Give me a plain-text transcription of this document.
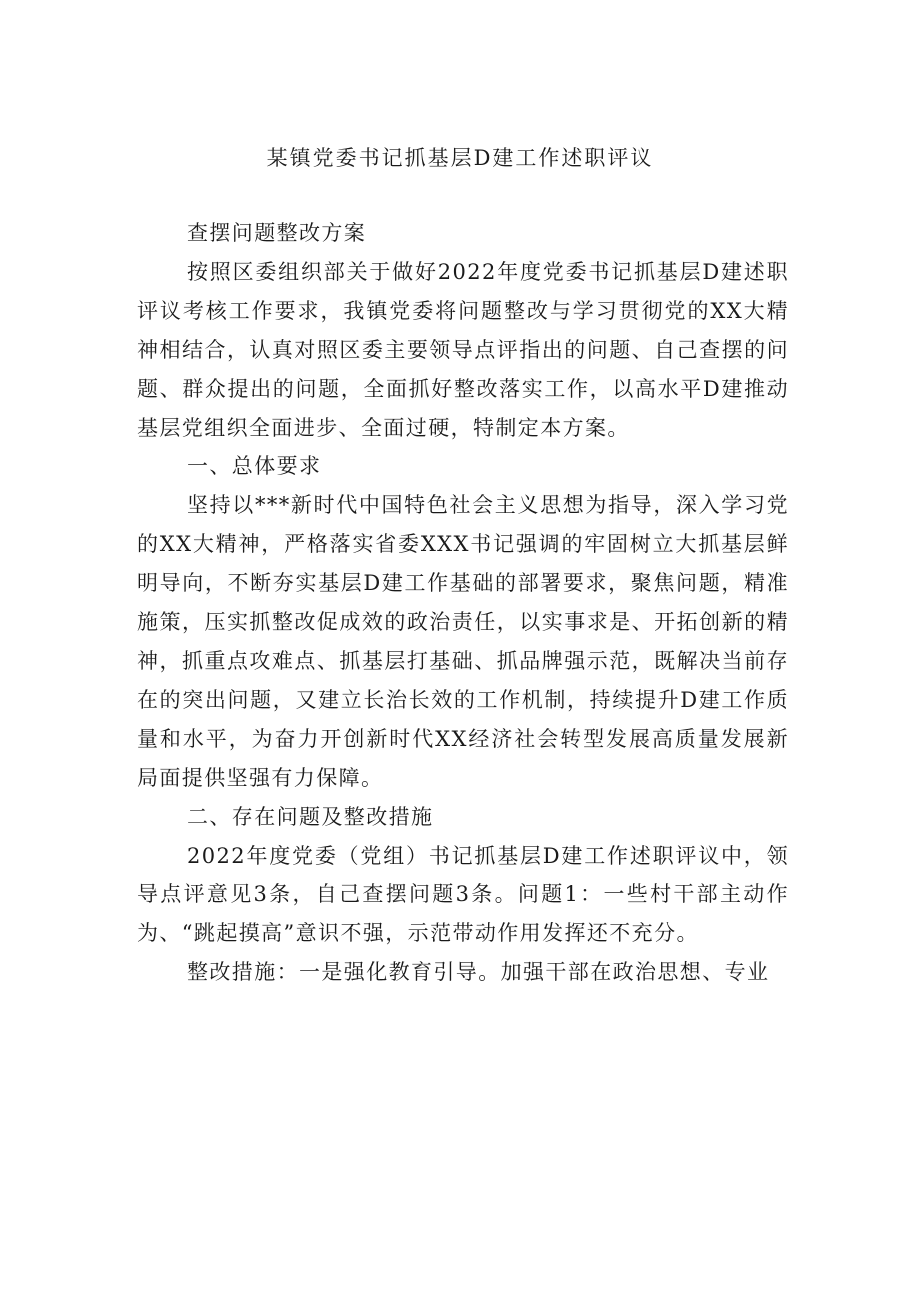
某镇党委书记抓基层D建工作述职评议

查摆问题整改方案

按照区委组织部关于做好2022年度党委书记抓基层D建述职评议考核工作要求，我镇党委将问题整改与学习贯彻党的XX大精神相结合，认真对照区委主要领导点评指出的问题、自己查摆的问题、群众提出的问题，全面抓好整改落实工作，以高水平D建推动基层党组织全面进步、全面过硬，特制定本方案。

一、总体要求

坚持以***新时代中国特色社会主义思想为指导，深入学习党的XX大精神，严格落实省委XXX书记强调的牢固树立大抓基层鲜明导向，不断夯实基层D建工作基础的部署要求，聚焦问题，精准施策，压实抓整改促成效的政治责任，以实事求是、开拓创新的精神，抓重点攻难点、抓基层打基础、抓品牌强示范，既解决当前存在的突出问题，又建立长治长效的工作机制，持续提升D建工作质量和水平，为奋力开创新时代XX经济社会转型发展高质量发展新局面提供坚强有力保障。

二、存在问题及整改措施

2022年度党委（党组）书记抓基层D建工作述职评议中，领导点评意见3条，自己查摆问题3条。问题1：一些村干部主动作为、“跳起摸高”意识不强，示范带动作用发挥还不充分。

整改措施：一是强化教育引导。加强干部在政治思想、专业
